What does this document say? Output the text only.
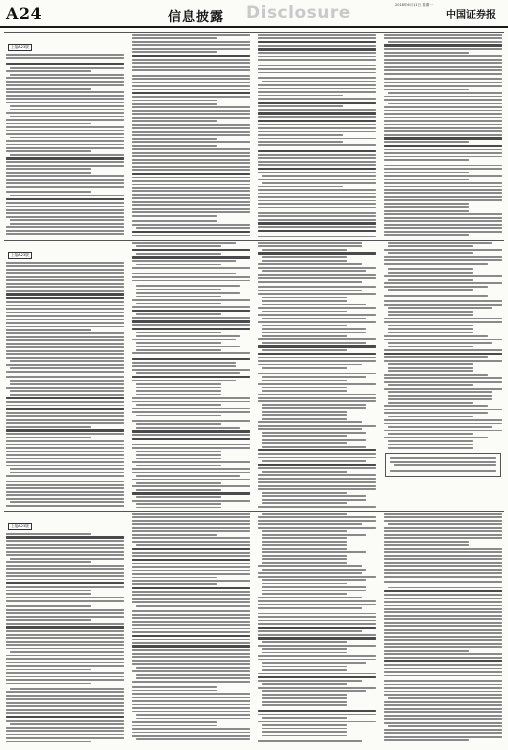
A24	信息披露 Disclosure	2018年6月11日 星期一
中国证券报
上接A23版
上接A23版
上接A23版
